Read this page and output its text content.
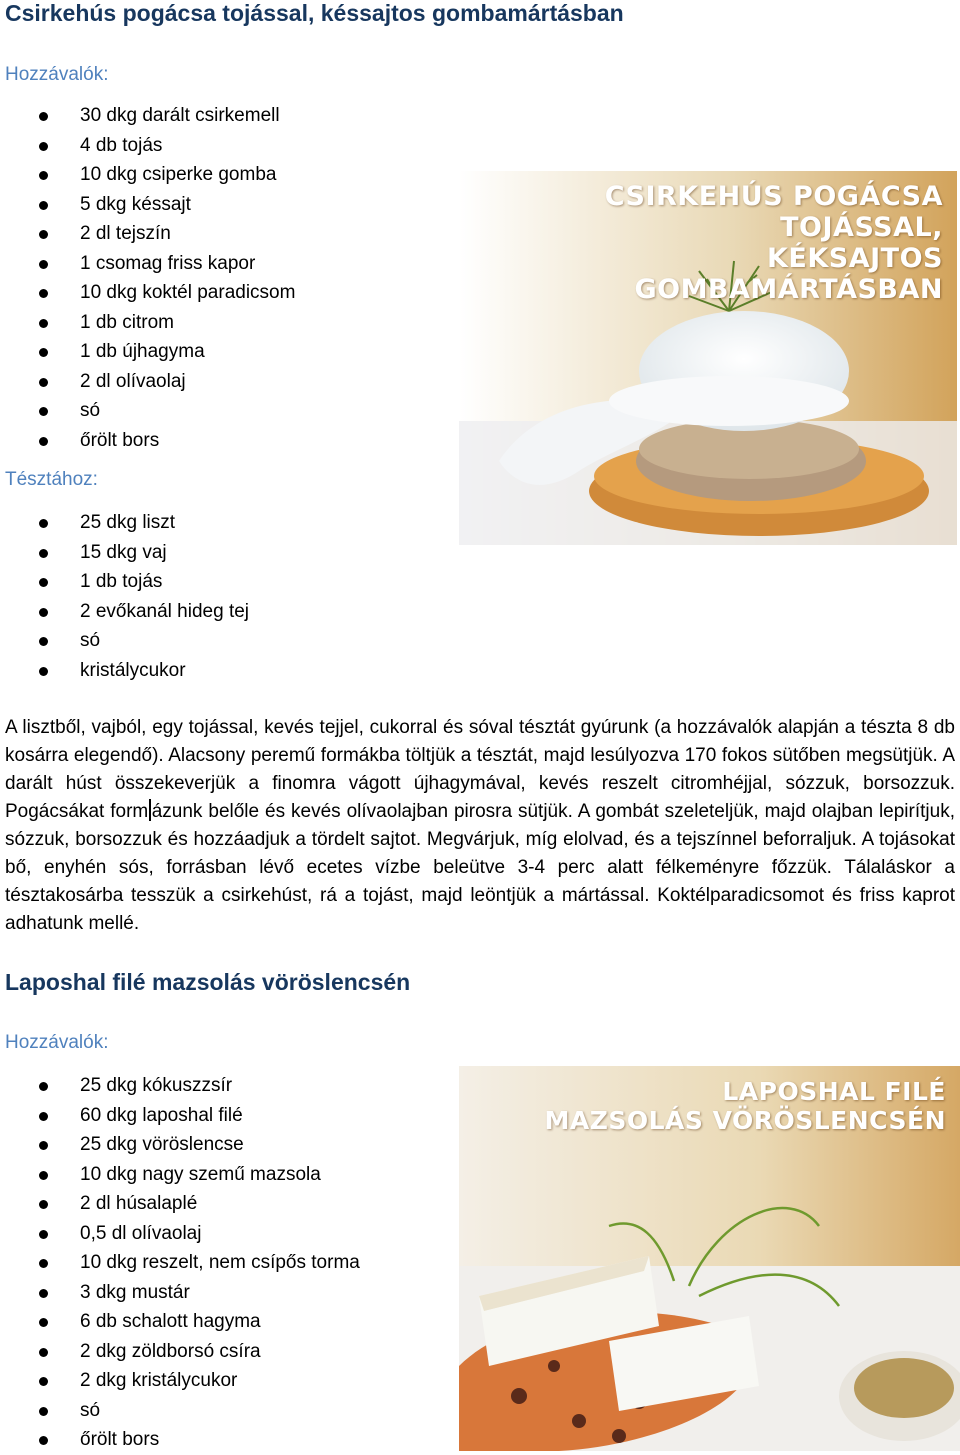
Csirkehús pogácsa tojással, késsajtos gombamártásban
Hozzávalók:
30 dkg darált csirkemell
4 db tojás
10 dkg csiperke gomba
5 dkg késsajt
2 dl tejszín
1 csomag friss kapor
10 dkg koktél paradicsom
1 db citrom
1 db újhagyma
2 dl olívaolaj
só
őrölt bors
Tésztához:
25 dkg liszt
15 dkg vaj
1 db tojás
2 evőkanál hideg tej
só
kristálycukor
CSIRKEHÚS POGÁCSA TOJÁSSAL,
KÉKSAJTOS GOMBAMÁRTÁSBAN

A lisztből, vajból, egy tojással, kevés tejjel, cukorral és sóval tésztát gyúrunk (a hozzávalók alapján a tészta 8 db kosárra elegendő). Alacsony peremű formákba töltjük a tésztát, majd lesúlyozva 170 fokos sütőben megsütjük. A darált húst összekeverjük a finomra vágott újhagymával, kevés reszelt citromhéjjal, sózzuk, borsozzuk. Pogácsákat form ázunk belőle és kevés olívaolajban pirosra sütjük. A gombát szeleteljük, majd olajban lepirítjuk, sózzuk, borsozzuk és hozzáadjuk a tördelt sajtot. Megvárjuk, míg elolvad, és a tejszínnel beforraljuk. A tojásokat bő, enyhén sós, forrásban lévő ecetes vízbe beleütve 3-4 perc alatt félkeményre főzzük. Tálaláskor a tésztakosárba tesszük a csirkehúst, rá a tojást, majd leöntjük a mártással. Koktélparadicsomot és friss kaprot adhatunk mellé.

Laposhal filé mazsolás vöröslencsén
Hozzávalók:
25 dkg kókuszzsír
60 dkg laposhal filé
25 dkg vöröslencse
10 dkg nagy szemű mazsola
2 dl húsalaplé
0,5 dl olívaolaj
10 dkg reszelt, nem csípős torma
3 dkg mustár
6 db schalott hagyma
2 dkg zöldborsó csíra
2 dkg kristálycukor
só
őrölt bors
LAPOSHAL FILÉ
MAZSOLÁS VÖRÖSLENCSÉN
